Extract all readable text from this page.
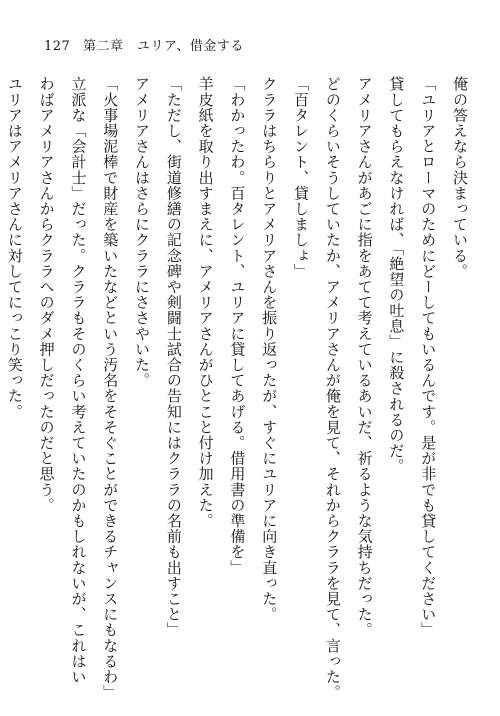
127 第二章　ユリア、借金する
俺の答えなら決まっている。
「ユリアとローマのためにどーしてもいるんです。是が非でも貸してください」
貸してもらえなければ、「絶望の吐息」に殺されるのだ。
アメリアさんがあごに指をあてて考えているあいだ、祈るような気持ちだった。
どのくらいそうしていたか、アメリアさんが俺を見て、それからクララを見て、言った。
「百タレント、貸しましょ」
クララはちらりとアメリアさんを振り返ったが、すぐにユリアに向き直った。
「わかったわ。百タレント、ユリアに貸してあげる。借用書の準備を」
羊皮紙を取り出すまえに、アメリアさんがひとこと付け加えた。
「ただし、街道修繕の記念碑や剣闘士試合の告知にはクララの名前も出すこと」
アメリアさんはさらにクララにささやいた。
「火事場泥棒で財産を築いたなどという汚名をそそぐことができるチャンスにもなるわ」
立派な「会計士」だった。クララもそのくらい考えていたのかもしれないが、これはい
わばアメリアさんからクララへのダメ押しだったのだと思う。
ユリアはアメリアさんに対してにっこり笑った。
